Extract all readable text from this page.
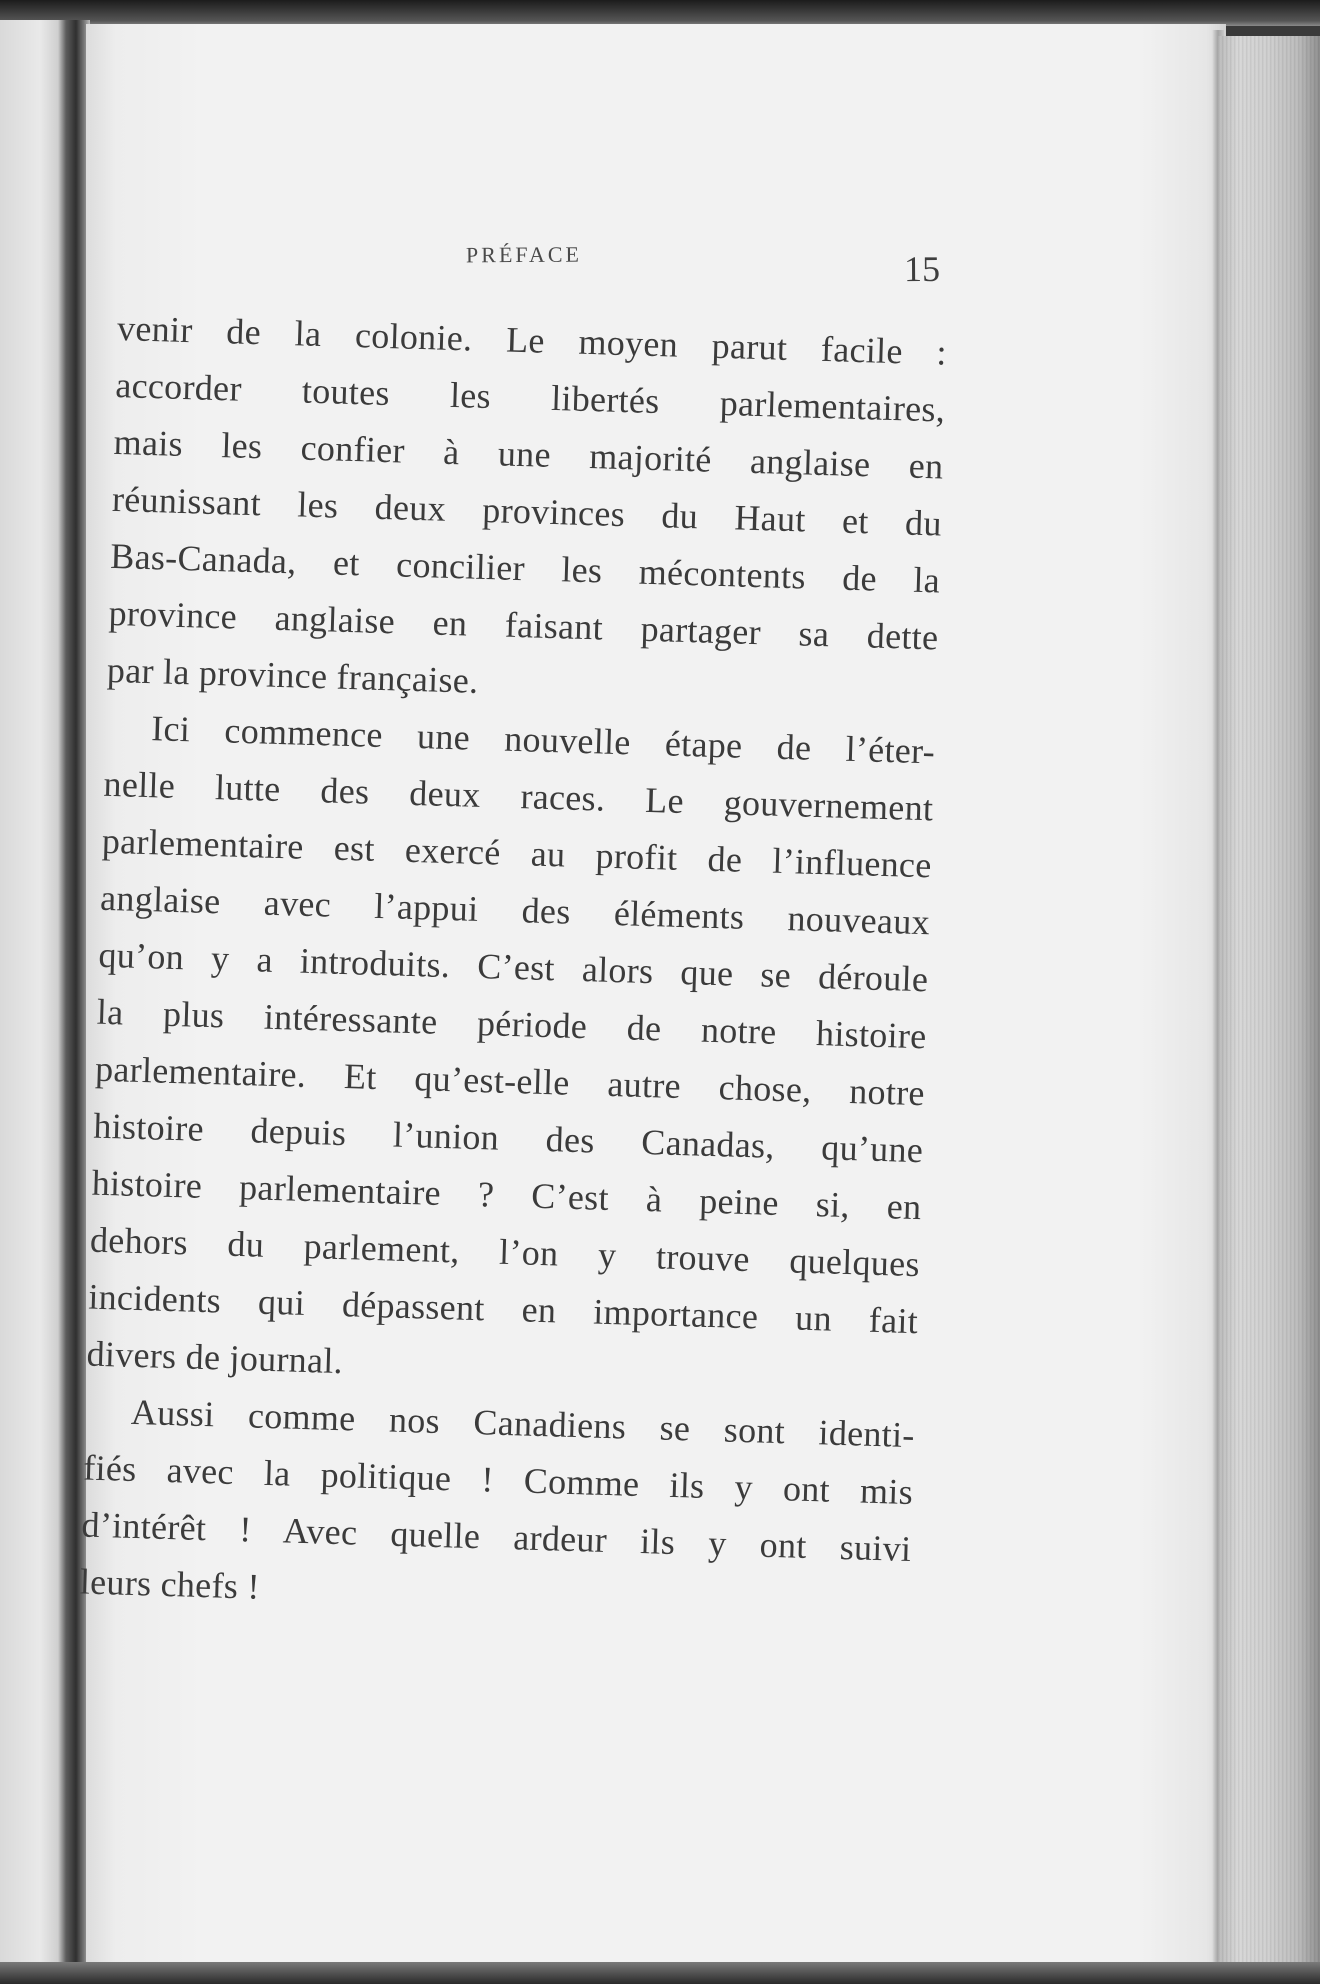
PRÉFACE	15
venir de la colonie. Le moyen parut facile :
accorder toutes les libertés parlementaires,
mais les confier à une majorité anglaise en
réunissant les deux provinces du Haut et du
Bas-Canada, et concilier les mécontents de la
province anglaise en faisant partager sa dette
par la province française.
Ici commence une nouvelle étape de l’éter-
nelle lutte des deux races. Le gouvernement
parlementaire est exercé au profit de l’influence
anglaise avec l’appui des éléments nouveaux
qu’on y a introduits. C’est alors que se déroule
la plus intéressante période de notre histoire
parlementaire. Et qu’est-elle autre chose, notre
histoire depuis l’union des Canadas, qu’une
histoire parlementaire ? C’est à peine si, en
dehors du parlement, l’on y trouve quelques
incidents qui dépassent en importance un fait
divers de journal.
Aussi comme nos Canadiens se sont identi-
fiés avec la politique ! Comme ils y ont mis
d’intérêt ! Avec quelle ardeur ils y ont suivi
leurs chefs !
